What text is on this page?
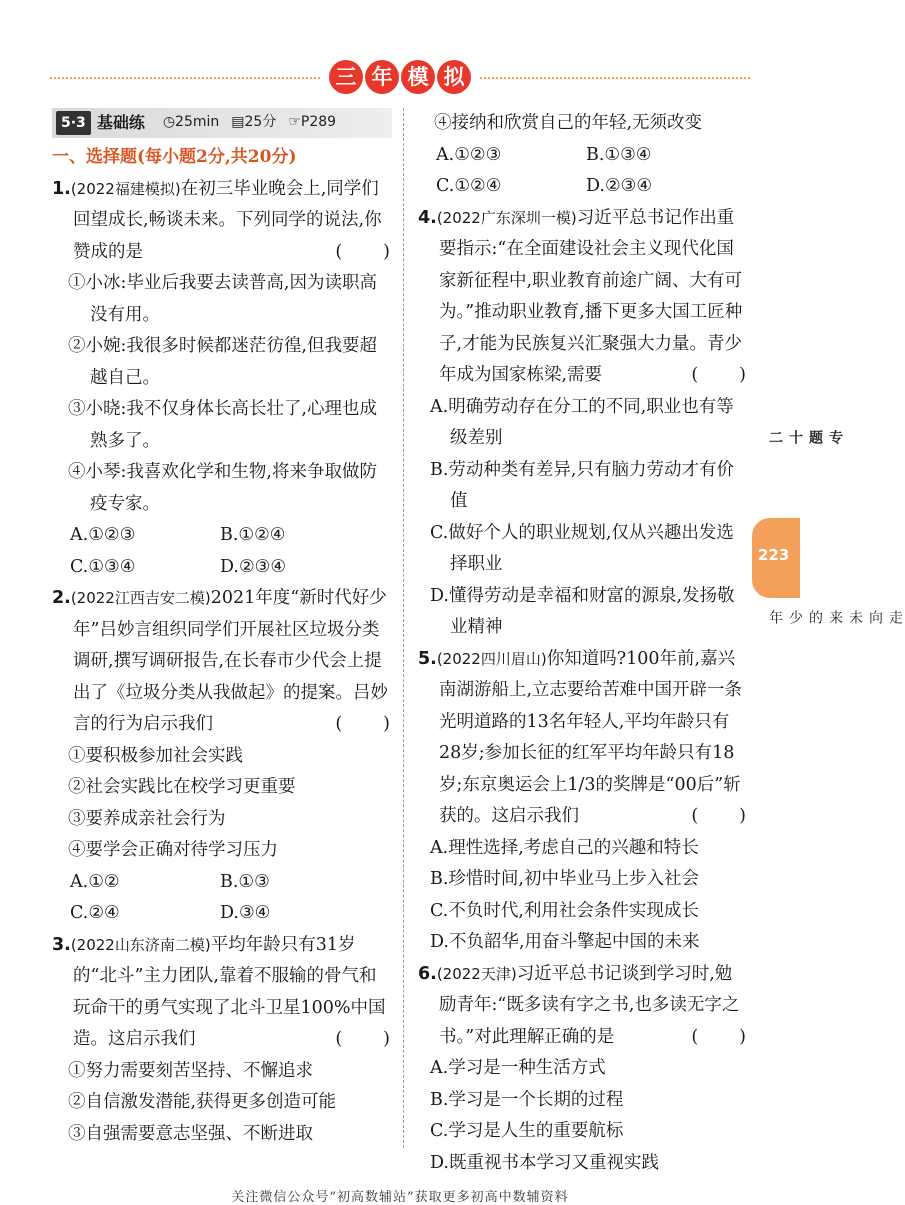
三 年 模 拟
5·3 基础练 ◷25min ▤25分 ☞P289
一、选择题(每小题2分,共20分)
1.(2022福建模拟)在初三毕业晚会上,同学们回望成长,畅谈未来。下列同学的说法,你赞成的是	(　　)
①小冰:毕业后我要去读普高,因为读职高没有用。
②小婉:我很多时候都迷茫彷徨,但我要超越自己。
③小晓:我不仅身体长高长壮了,心理也成熟多了。
④小琴:我喜欢化学和生物,将来争取做防疫专家。
A.①②③	B.①②④
C.①③④	D.②③④
2.(2022江西吉安二模)2021年度“新时代好少年”吕妙言组织同学们开展社区垃圾分类调研,撰写调研报告,在长春市少代会上提出了《垃圾分类从我做起》的提案。吕妙言的行为启示我们	(　　)
①要积极参加社会实践
②社会实践比在校学习更重要
③要养成亲社会行为
④要学会正确对待学习压力
A.①②	B.①③
C.②④	D.③④
3.(2022山东济南二模)平均年龄只有31岁的“北斗”主力团队,靠着不服输的骨气和玩命干的勇气实现了北斗卫星100%中国造。这启示我们	(　　)
①努力需要刻苦坚持、不懈追求
②自信激发潜能,获得更多创造可能
③自强需要意志坚强、不断进取
④接纳和欣赏自己的年轻,无须改变
A.①②③	B.①③④
C.①②④	D.②③④
4.(2022广东深圳一模)习近平总书记作出重要指示:“在全面建设社会主义现代化国家新征程中,职业教育前途广阔、大有可为。”推动职业教育,播下更多大国工匠种子,才能为民族复兴汇聚强大力量。青少年成为国家栋梁,需要	(　　)
A.明确劳动存在分工的不同,职业也有等级差别
B.劳动种类有差异,只有脑力劳动才有价值
C.做好个人的职业规划,仅从兴趣出发选择职业
D.懂得劳动是幸福和财富的源泉,发扬敬业精神
5.(2022四川眉山)你知道吗?100年前,嘉兴南湖游船上,立志要给苦难中国开辟一条光明道路的13名年轻人,平均年龄只有28岁;参加长征的红军平均年龄只有18岁;东京奥运会上1/3的奖牌是“00后”斩获的。这启示我们	(　　)
A.理性选择,考虑自己的兴趣和特长
B.珍惜时间,初中毕业马上步入社会
C.不负时代,利用社会条件实现成长
D.不负韶华,用奋斗擎起中国的未来
6.(2022天津)习近平总书记谈到学习时,勉励青年:“既多读有字之书,也多读无字之书。”对此理解正确的是	(　　)
A.学习是一种生活方式
B.学习是一个长期的过程
C.学习是人生的重要航标
D.既重视书本学习又重视实践
专题十二
223
走向未来的少年
关注微信公众号“初高数辅站”获取更多初高中数辅资料
